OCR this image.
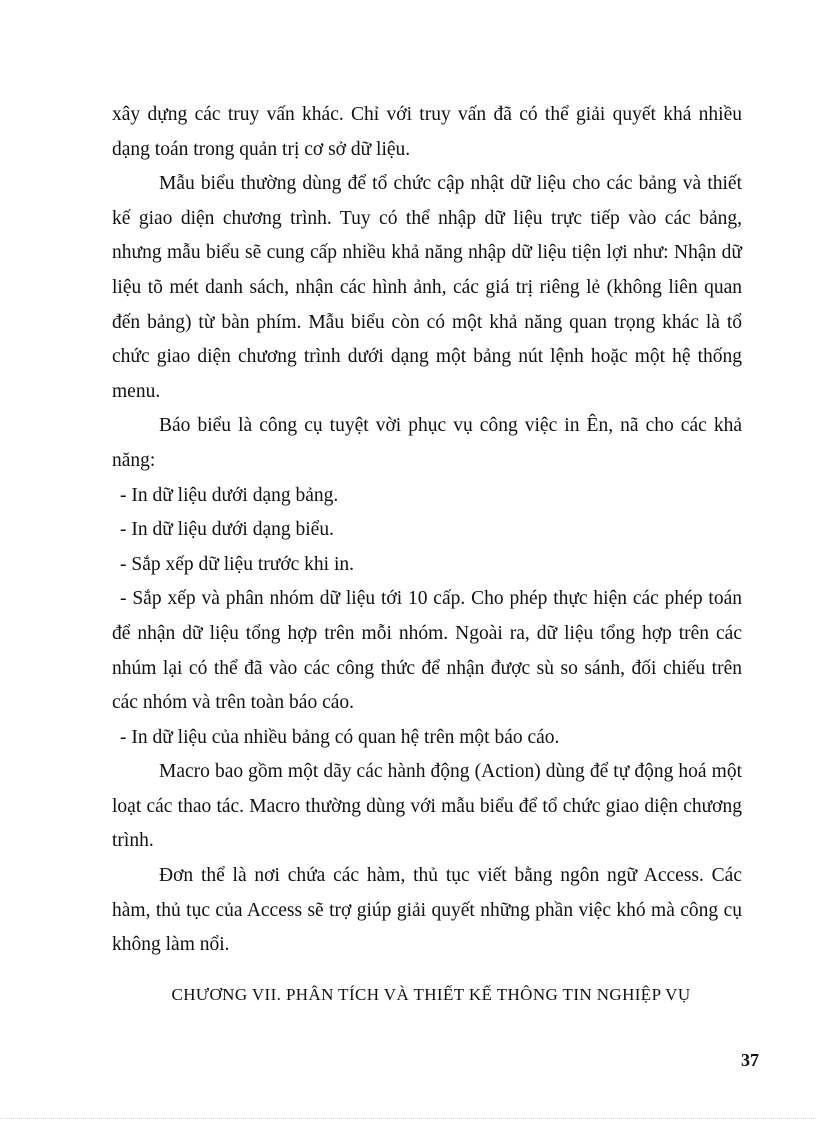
xây dựng các truy vấn khác. Chỉ với truy vấn đã có thể giải quyết khá nhiều dạng toán trong quản trị cơ sở dữ liệu.

Mẫu biểu thường dùng để tổ chức cập nhật dữ liệu cho các bảng và thiết kế giao diện chương trình. Tuy có thể nhập dữ liệu trực tiếp vào các bảng, nhưng mẫu biểu sẽ cung cấp nhiều khả năng nhập dữ liệu tiện lợi như: Nhận dữ liệu tõ mét danh sách, nhận các hình ảnh, các giá trị riêng lẻ (không liên quan đến bảng) từ bàn phím. Mẫu biểu còn có một khả năng quan trọng khác là tổ chức giao diện chương trình dưới dạng một bảng nút lệnh hoặc một hệ thống menu.

Báo biểu là công cụ tuyệt vời phục vụ công việc in Ên, nã cho các khả năng:

- In dữ liệu dưới dạng bảng.

- In dữ liệu dưới dạng biểu.

- Sắp xếp dữ liệu trước khi in.

- Sắp xếp và phân nhóm dữ liệu tới 10 cấp. Cho phép thực hiện các phép toán để nhận dữ liệu tổng hợp trên mỗi nhóm. Ngoài ra, dữ liệu tổng hợp trên các nhúm lại có thể đã vào các công thức để nhận được sù so sánh, đối chiếu trên các nhóm và trên toàn báo cáo.

- In dữ liệu của nhiều bảng có quan hệ trên một báo cáo.

Macro bao gồm một dãy các hành động (Action) dùng để tự động hoá một loạt các thao tác. Macro thường dùng với mẫu biểu để tổ chức giao diện chương trình.

Đơn thể là nơi chứa các hàm, thủ tục viết bằng ngôn ngữ Access. Các hàm, thủ tục của Access sẽ trợ giúp giải quyết những phần việc khó mà công cụ không làm nổi.

CHƯƠNG VII. PHÂN TÍCH VÀ THIẾT KẾ THÔNG TIN NGHIỆP VỤ
37
